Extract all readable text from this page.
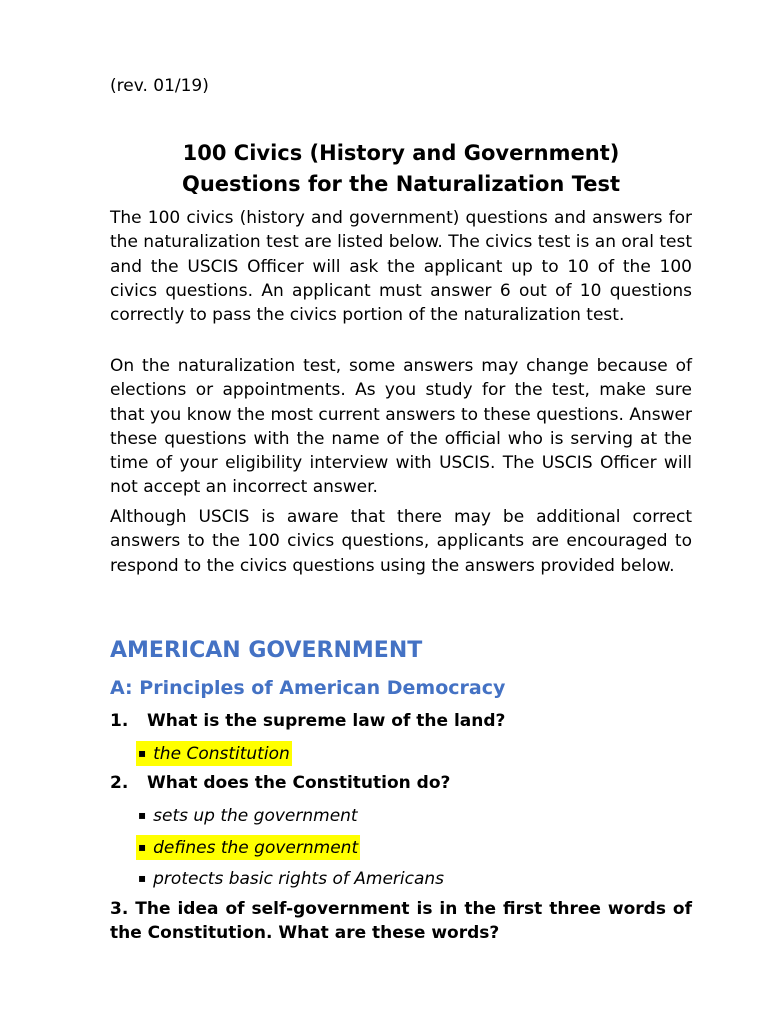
(rev. 01/19)
100 Civics (History and Government)
Questions for the Naturalization Test

The 100 civics (history and government) questions and answers for the naturalization test are listed below. The civics test is an oral test and the USCIS Officer will ask the applicant up to 10 of the 100 civics questions. An applicant must answer 6 out of 10 questions correctly to pass the civics portion of the naturalization test.

On the naturalization test, some answers may change because of elections or appointments. As you study for the test, make sure that you know the most current answers to these questions. Answer these questions with the name of the official who is serving at the time of your eligibility interview with USCIS. The USCIS Officer will not accept an incorrect answer.

Although USCIS is aware that there may be additional correct answers to the 100 civics questions, applicants are encouraged to respond to the civics questions using the answers provided below.

AMERICAN GOVERNMENT
A: Principles of American Democracy
1. What is the supreme law of the land?
▪ the Constitution
2. What does the Constitution do?
▪ sets up the government
▪ defines the government
▪ protects basic rights of Americans
3. The idea of self-government is in the first three words of the Constitution. What are these words?
